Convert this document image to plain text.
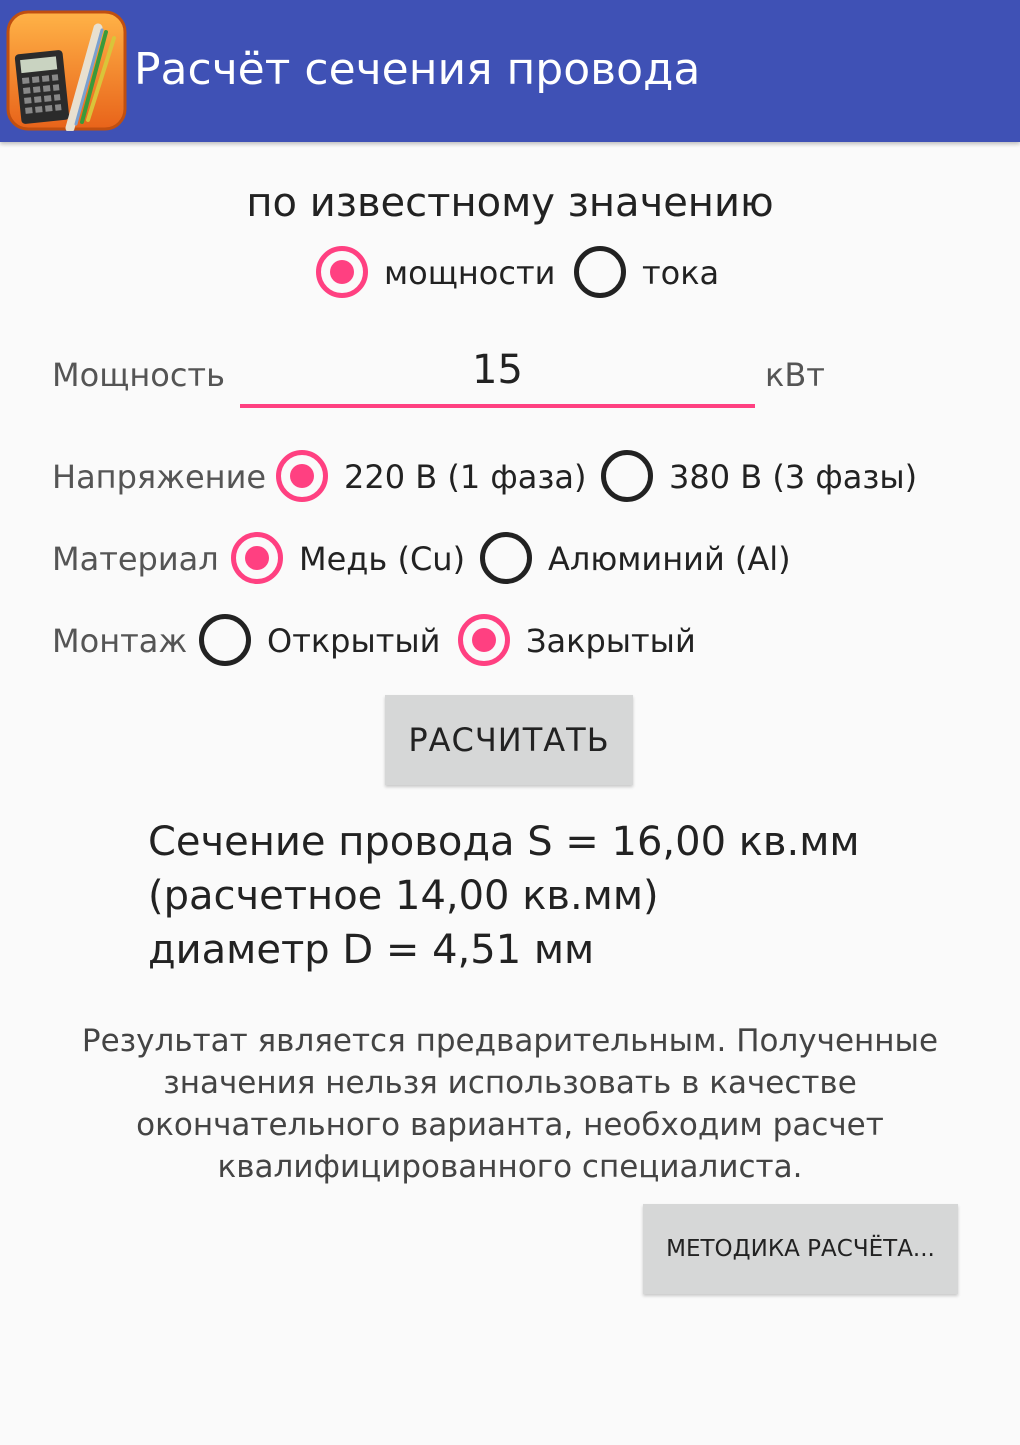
Расчёт сечения провода
по известному значению
мощности	тока
Мощность
15	кВт
Напряжение 220 В (1 фаза)	380 В (3 фазы)
Материал	Медь (Cu)	Алюминий (Al)
Монтаж Открытый	Закрытый
РАСЧИТАТЬ
Сечение провода S = 16,00 кв.мм
(расчетное 14,00 кв.мм)
диаметр D = 4,51 мм
Результат является предварительным. Полученные значения нельзя использовать в качестве окончательного варианта, необходим расчет квалифицированного специалиста.
МЕТОДИКА РАСЧЁТА...
